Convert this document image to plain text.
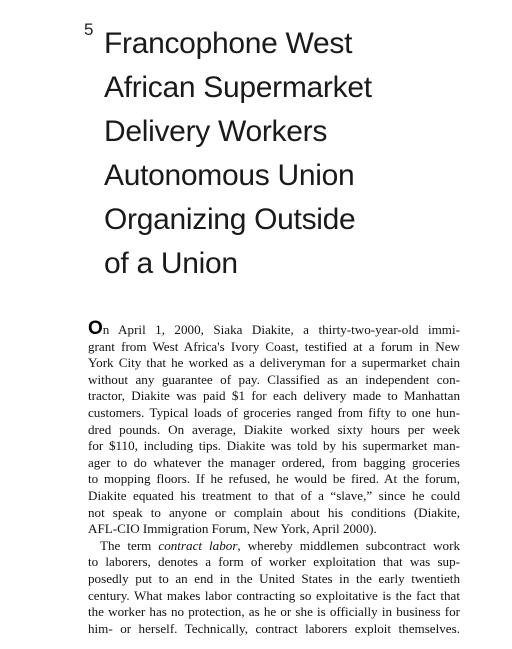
5 Francophone West
African Supermarket
Delivery Workers
Autonomous Union
Organizing Outside
of a Union
On April 1, 2000, Siaka Diakite, a thirty-two-year-old immi-
grant from West Africa's Ivory Coast, testified at a forum in New
York City that he worked as a deliveryman for a supermarket chain
without any guarantee of pay. Classified as an independent con-
tractor, Diakite was paid $1 for each delivery made to Manhattan
customers. Typical loads of groceries ranged from fifty to one hun-
dred pounds. On average, Diakite worked sixty hours per week
for $110, including tips. Diakite was told by his supermarket man-
ager to do whatever the manager ordered, from bagging groceries
to mopping floors. If he refused, he would be fired. At the forum,
Diakite equated his treatment to that of a “slave,” since he could
not speak to anyone or complain about his conditions (Diakite,
AFL-CIO Immigration Forum, New York, April 2000).
The term contract labor, whereby middlemen subcontract work
to laborers, denotes a form of worker exploitation that was sup-
posedly put to an end in the United States in the early twentieth
century. What makes labor contracting so exploitative is the fact that
the worker has no protection, as he or she is officially in business for
him- or herself. Technically, contract laborers exploit themselves.
